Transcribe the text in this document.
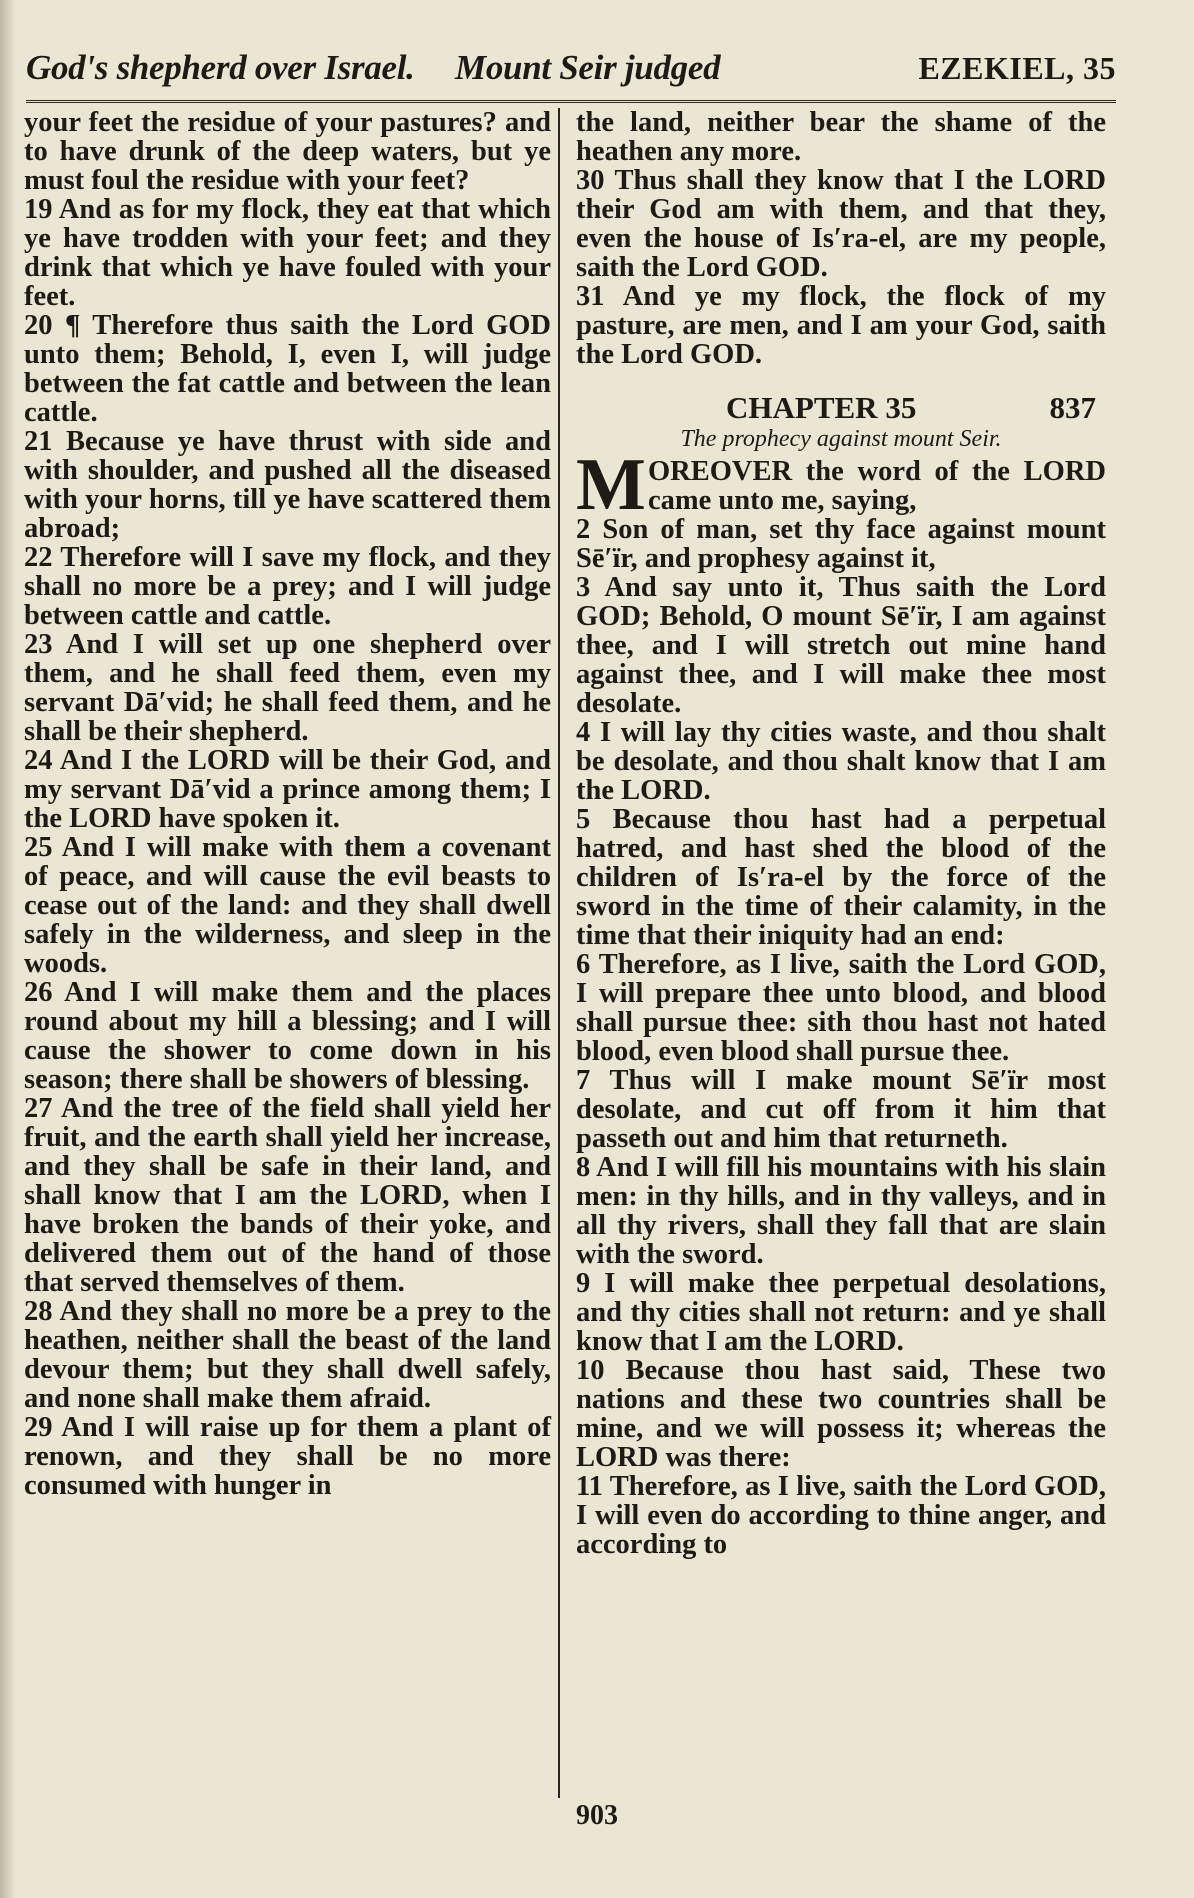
God's shepherd over Israel. Mount Seir judged	EZEKIEL, 35

your feet the residue of your pastures? and to have drunk of the deep waters, but ye must foul the residue with your feet?

19 And as for my flock, they eat that which ye have trodden with your feet; and they drink that which ye have fouled with your feet.

20 ¶ Therefore thus saith the Lord GOD unto them; Behold, I, even I, will judge between the fat cattle and between the lean cattle.

21 Because ye have thrust with side and with shoulder, and pushed all the diseased with your horns, till ye have scattered them abroad;

22 Therefore will I save my flock, and they shall no more be a prey; and I will judge between cattle and cattle.

23 And I will set up one shepherd over them, and he shall feed them, even my servant Dā′vid; he shall feed them, and he shall be their shepherd.

24 And I the LORD will be their God, and my servant Dā′vid a prince among them; I the LORD have spoken it.

25 And I will make with them a covenant of peace, and will cause the evil beasts to cease out of the land: and they shall dwell safely in the wilderness, and sleep in the woods.

26 And I will make them and the places round about my hill a blessing; and I will cause the shower to come down in his season; there shall be showers of blessing.

27 And the tree of the field shall yield her fruit, and the earth shall yield her increase, and they shall be safe in their land, and shall know that I am the LORD, when I have broken the bands of their yoke, and delivered them out of the hand of those that served themselves of them.

28 And they shall no more be a prey to the heathen, neither shall the beast of the land devour them; but they shall dwell safely, and none shall make them afraid.

29 And I will raise up for them a plant of renown, and they shall be no more consumed with hunger in

the land, neither bear the shame of the heathen any more.

30 Thus shall they know that I the LORD their God am with them, and that they, even the house of Is′ra-el, are my people, saith the Lord GOD.

31 And ye my flock, the flock of my pasture, are men, and I am your God, saith the Lord GOD.

CHAPTER 35	837
The prophecy against mount Seir.

M OREOVER the word of the LORD came unto me, saying,

2 Son of man, set thy face against mount Sē′ïr, and prophesy against it,

3 And say unto it, Thus saith the Lord GOD; Behold, O mount Sē′ïr, I am against thee, and I will stretch out mine hand against thee, and I will make thee most desolate.

4 I will lay thy cities waste, and thou shalt be desolate, and thou shalt know that I am the LORD.

5 Because thou hast had a perpetual hatred, and hast shed the blood of the children of Is′ra-el by the force of the sword in the time of their calamity, in the time that their iniquity had an end:

6 Therefore, as I live, saith the Lord GOD, I will prepare thee unto blood, and blood shall pursue thee: sith thou hast not hated blood, even blood shall pursue thee.

7 Thus will I make mount Sē′ïr most desolate, and cut off from it him that passeth out and him that returneth.

8 And I will fill his mountains with his slain men: in thy hills, and in thy valleys, and in all thy rivers, shall they fall that are slain with the sword.

9 I will make thee perpetual desolations, and thy cities shall not return: and ye shall know that I am the LORD.

10 Because thou hast said, These two nations and these two countries shall be mine, and we will possess it; whereas the LORD was there:

11 Therefore, as I live, saith the Lord GOD, I will even do according to thine anger, and according to

903
